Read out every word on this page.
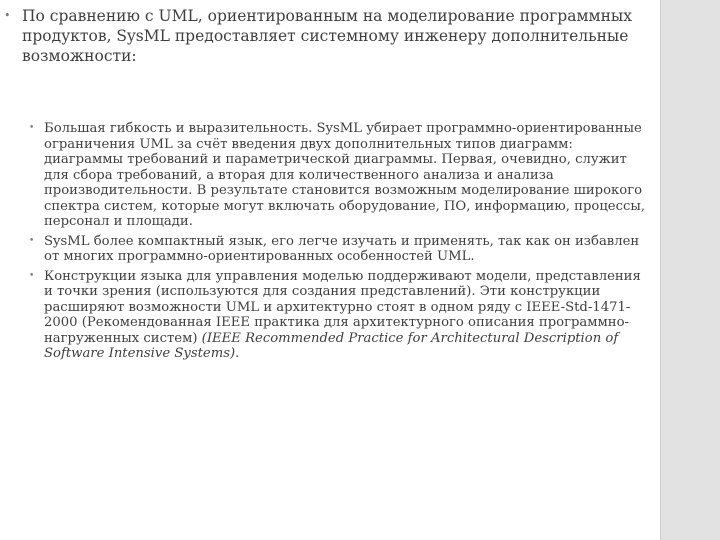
• По сравнению с UML, ориентированным на моделирование программных продуктов, SysML предоставляет системному инженеру дополнительные возможности:
• Большая гибкость и выразительность. SysML убирает программно-ориентированные ограничения UML за счёт введения двух дополнительных типов диаграмм: диаграммы требований и параметрической диаграммы. Первая, очевидно, служит для сбора требований, а вторая для количественного анализа и анализа производительности. В результате становится возможным моделирование широкого спектра систем, которые могут включать оборудование, ПО, информацию, процессы, персонал и площади.
• SysML более компактный язык, его легче изучать и применять, так как он избавлен от многих программно-ориентированных особенностей UML.
• Конструкции языка для управления моделью поддерживают модели, представления и точки зрения (используются для создания представлений). Эти конструкции расширяют возможности UML и архитектурно стоят в одном ряду с IEEE-Std-1471-2000 (Рекомендованная IEEE практика для архитектурного описания программно-нагруженных систем) (IEEE Recommended Practice for Architectural Description of Software Intensive Systems).
